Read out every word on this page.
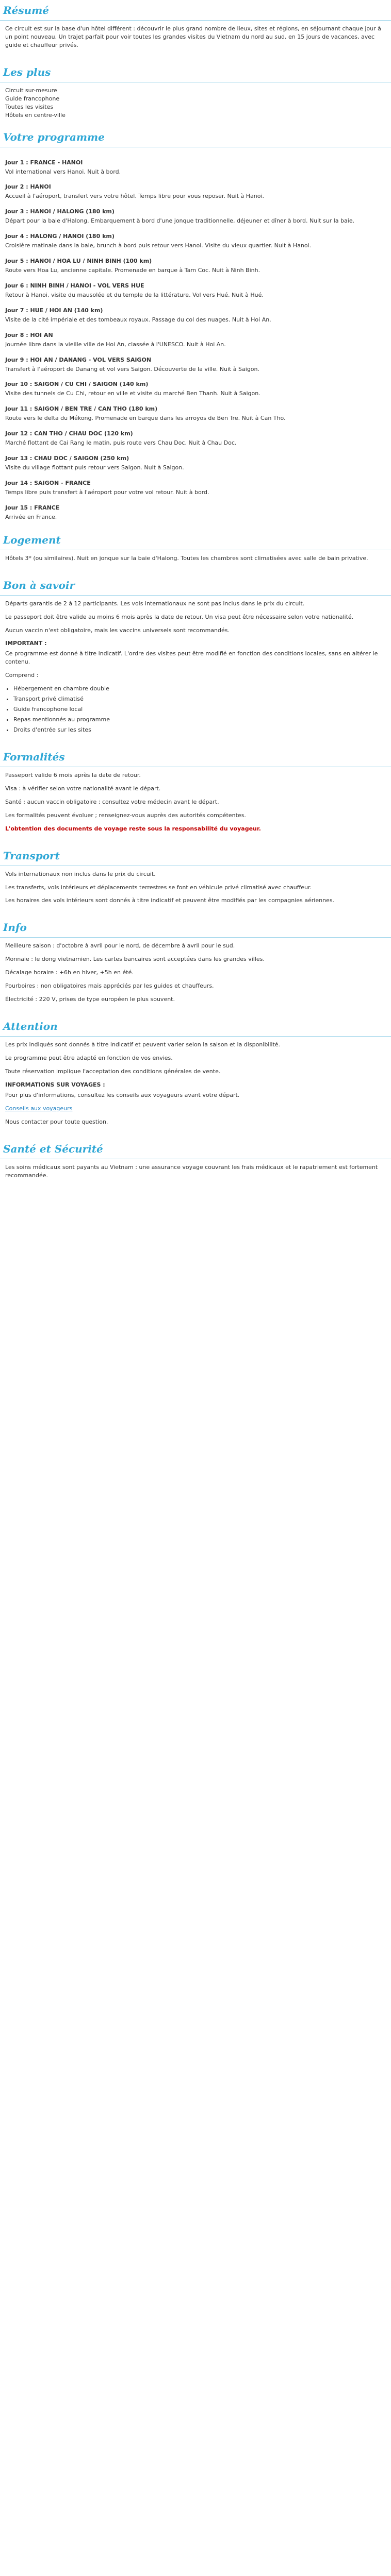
Résumé

Ce circuit est sur la base d'un hôtel différent : découvrir le plus grand nombre de lieux, sites et régions, en séjournant chaque jour à un point nouveau. Un trajet parfait pour voir toutes les grandes visites du Vietnam du nord au sud, en 15 jours de vacances, avec guide et chauffeur privés.

Les plus
Circuit sur-mesure
Guide francophone
Toutes les visites
Hôtels en centre-ville
Votre programme
Jour 1 : FRANCE - HANOI
Vol international vers Hanoi. Nuit à bord.
Jour 2 : HANOI
Accueil à l'aéroport, transfert vers votre hôtel. Temps libre pour vous reposer. Nuit à Hanoi.
Jour 3 : HANOI / HALONG (180 km)
Départ pour la baie d'Halong. Embarquement à bord d'une jonque traditionnelle, déjeuner et dîner à bord. Nuit sur la baie.
Jour 4 : HALONG / HANOI (180 km)
Croisière matinale dans la baie, brunch à bord puis retour vers Hanoi. Visite du vieux quartier. Nuit à Hanoi.
Jour 5 : HANOI / HOA LU / NINH BINH (100 km)
Route vers Hoa Lu, ancienne capitale. Promenade en barque à Tam Coc. Nuit à Ninh Binh.
Jour 6 : NINH BINH / HANOI - VOL VERS HUE
Retour à Hanoi, visite du mausolée et du temple de la littérature. Vol vers Hué. Nuit à Hué.
Jour 7 : HUE / HOI AN (140 km)
Visite de la cité impériale et des tombeaux royaux. Passage du col des nuages. Nuit à Hoi An.
Jour 8 : HOI AN
Journée libre dans la vieille ville de Hoi An, classée à l'UNESCO. Nuit à Hoi An.
Jour 9 : HOI AN / DANANG - VOL VERS SAIGON
Transfert à l'aéroport de Danang et vol vers Saigon. Découverte de la ville. Nuit à Saigon.
Jour 10 : SAIGON / CU CHI / SAIGON (140 km)
Visite des tunnels de Cu Chi, retour en ville et visite du marché Ben Thanh. Nuit à Saigon.
Jour 11 : SAIGON / BEN TRE / CAN THO (180 km)
Route vers le delta du Mékong. Promenade en barque dans les arroyos de Ben Tre. Nuit à Can Tho.
Jour 12 : CAN THO / CHAU DOC (120 km)
Marché flottant de Cai Rang le matin, puis route vers Chau Doc. Nuit à Chau Doc.
Jour 13 : CHAU DOC / SAIGON (250 km)
Visite du village flottant puis retour vers Saigon. Nuit à Saigon.
Jour 14 : SAIGON - FRANCE
Temps libre puis transfert à l'aéroport pour votre vol retour. Nuit à bord.
Jour 15 : FRANCE
Arrivée en France.
Logement

Hôtels 3* (ou similaires). Nuit en jonque sur la baie d'Halong. Toutes les chambres sont climatisées avec salle de bain privative.

Bon à savoir

Départs garantis de 2 à 12 participants. Les vols internationaux ne sont pas inclus dans le prix du circuit.

Le passeport doit être valide au moins 6 mois après la date de retour. Un visa peut être nécessaire selon votre nationalité.

Aucun vaccin n'est obligatoire, mais les vaccins universels sont recommandés.

IMPORTANT :

Ce programme est donné à titre indicatif. L'ordre des visites peut être modifié en fonction des conditions locales, sans en altérer le contenu.

Comprend :

• Hébergement en chambre double
• Transport privé climatisé
• Guide francophone local
• Repas mentionnés au programme
• Droits d'entrée sur les sites
Formalités

Passeport valide 6 mois après la date de retour.

Visa : à vérifier selon votre nationalité avant le départ.

Santé : aucun vaccin obligatoire ; consultez votre médecin avant le départ.

Les formalités peuvent évoluer ; renseignez-vous auprès des autorités compétentes.

L'obtention des documents de voyage reste sous la responsabilité du voyageur.

Transport

Vols internationaux non inclus dans le prix du circuit.

Les transferts, vols intérieurs et déplacements terrestres se font en véhicule privé climatisé avec chauffeur.

Les horaires des vols intérieurs sont donnés à titre indicatif et peuvent être modifiés par les compagnies aériennes.

Info

Meilleure saison : d'octobre à avril pour le nord, de décembre à avril pour le sud.

Monnaie : le dong vietnamien. Les cartes bancaires sont acceptées dans les grandes villes.

Décalage horaire : +6h en hiver, +5h en été.

Pourboires : non obligatoires mais appréciés par les guides et chauffeurs.

Électricité : 220 V, prises de type européen le plus souvent.

Attention

Les prix indiqués sont donnés à titre indicatif et peuvent varier selon la saison et la disponibilité.

Le programme peut être adapté en fonction de vos envies.

Toute réservation implique l'acceptation des conditions générales de vente.

INFORMATIONS SUR VOYAGES :

Pour plus d'informations, consultez les conseils aux voyageurs avant votre départ.

Conseils aux voyageurs

Nous contacter pour toute question.

Santé et Sécurité

Les soins médicaux sont payants au Vietnam : une assurance voyage couvrant les frais médicaux et le rapatriement est fortement recommandée.
